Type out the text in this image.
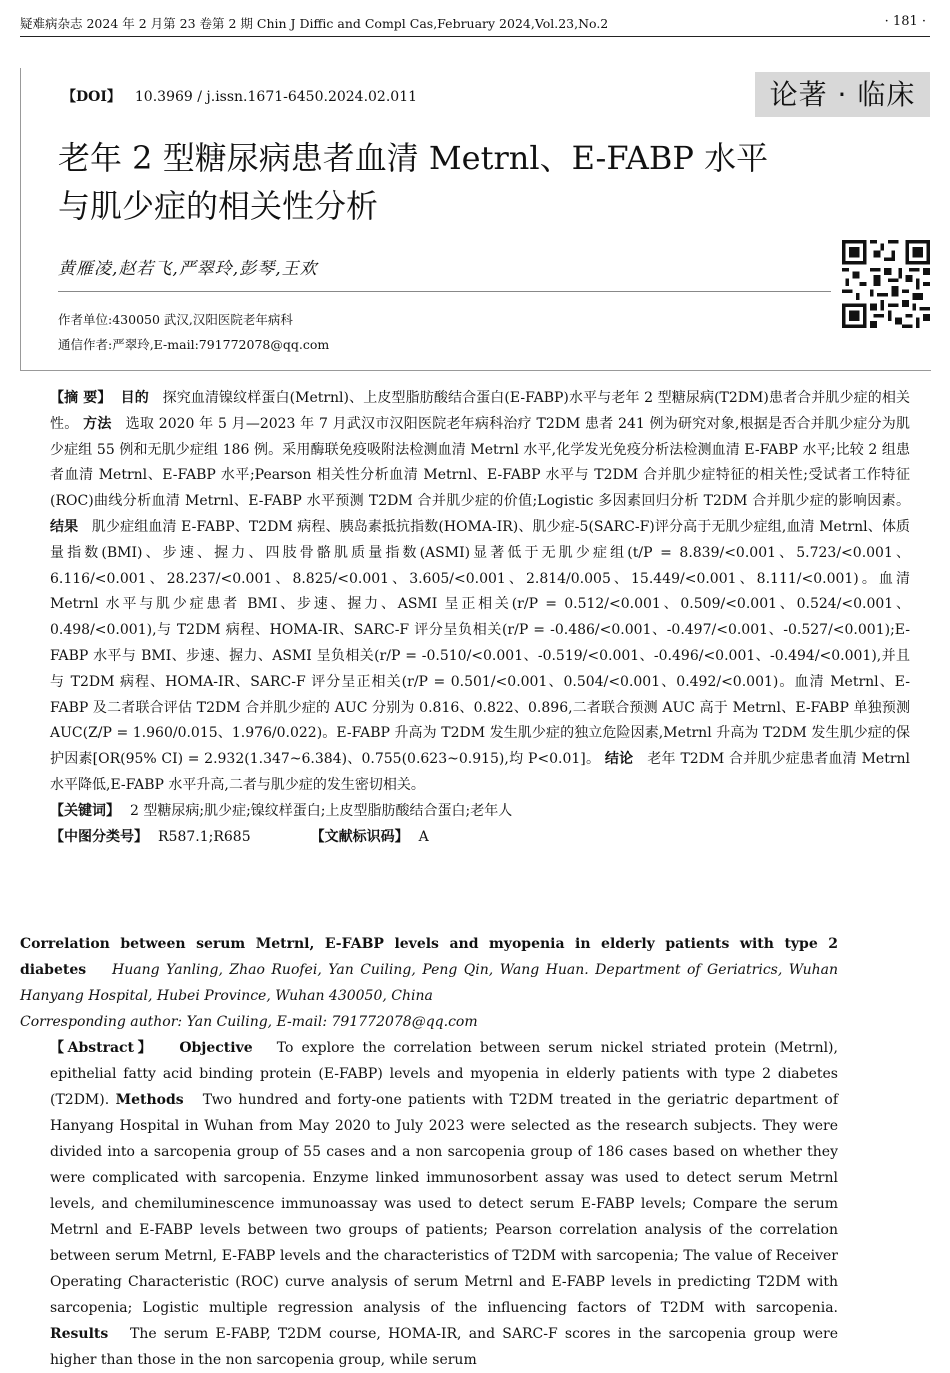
疑难病杂志 2024 年 2 月第 23 卷第 2 期 Chin J Diffic and Compl Cas,February 2024,Vol.23,No.2	· 181 ·
【DOI】 10.3969 / j.issn.1671-6450.2024.02.011	论著 · 临床
老年 2 型糖尿病患者血清 Metrnl、E-FABP 水平
与肌少症的相关性分析
黄雁凌,赵若飞,严翠玲,彭琴,王欢
作者单位:430050 武汉,汉阳医院老年病科
通信作者:严翠玲,E-mail:791772078@qq.com

【摘 要】 目的 探究血清镍纹样蛋白(Metrnl)、上皮型脂肪酸结合蛋白(E-FABP)水平与老年 2 型糖尿病(T2DM)患者合并肌少症的相关性。 方法 选取 2020 年 5 月—2023 年 7 月武汉市汉阳医院老年病科治疗 T2DM 患者 241 例为研究对象,根据是否合并肌少症分为肌少症组 55 例和无肌少症组 186 例。采用酶联免疫吸附法检测血清 Metrnl 水平,化学发光免疫分析法检测血清 E-FABP 水平;比较 2 组患者血清 Metrnl、E-FABP 水平;Pearson 相关性分析血清 Metrnl、E-FABP 水平与 T2DM 合并肌少症特征的相关性;受试者工作特征(ROC)曲线分析血清 Metrnl、E-FABP 水平预测 T2DM 合并肌少症的价值;Logistic 多因素回归分析 T2DM 合并肌少症的影响因素。 结果 肌少症组血清 E-FABP、T2DM 病程、胰岛素抵抗指数(HOMA-IR)、肌少症-5(SARC-F)评分高于无肌少症组,血清 Metrnl、体质量指数(BMI)、步速、握力、四肢骨骼肌质量指数(ASMI)显著低于无肌少症组(t/P = 8.839/<0.001、5.723/<0.001、6.116/<0.001、28.237/<0.001、8.825/<0.001、3.605/<0.001、2.814/0.005、15.449/<0.001、8.111/<0.001)。血清 Metrnl 水平与肌少症患者 BMI、步速、握力、ASMI 呈正相关(r/P = 0.512/<0.001、0.509/<0.001、0.524/<0.001、0.498/<0.001),与 T2DM 病程、HOMA-IR、SARC-F 评分呈负相关(r/P = -0.486/<0.001、-0.497/<0.001、-0.527/<0.001);E-FABP 水平与 BMI、步速、握力、ASMI 呈负相关(r/P = -0.510/<0.001、-0.519/<0.001、-0.496/<0.001、-0.494/<0.001),并且与 T2DM 病程、HOMA-IR、SARC-F 评分呈正相关(r/P = 0.501/<0.001、0.504/<0.001、0.492/<0.001)。血清 Metrnl、E-FABP 及二者联合评估 T2DM 合并肌少症的 AUC 分别为 0.816、0.822、0.896,二者联合预测 AUC 高于 Metrnl、E-FABP 单独预测 AUC(Z/P = 1.960/0.015、1.976/0.022)。E-FABP 升高为 T2DM 发生肌少症的独立危险因素,Metrnl 升高为 T2DM 发生肌少症的保护因素[OR(95% CI) = 2.932(1.347~6.384)、0.755(0.623~0.915),均 P<0.01]。 结论 老年 T2DM 合并肌少症患者血清 Metrnl 水平降低,E-FABP 水平升高,二者与肌少症的发生密切相关。

【关键词】 2 型糖尿病;肌少症;镍纹样蛋白;上皮型脂肪酸结合蛋白;老年人

【中图分类号】 R587.1;R685	【文献标识码】 A

Correlation between serum Metrnl, E-FABP levels and myopenia in elderly patients with type 2 diabetes Huang Yanling, Zhao Ruofei, Yan Cuiling, Peng Qin, Wang Huan. Department of Geriatrics, Wuhan Hanyang Hospital, Hubei Province, Wuhan 430050, China

Corresponding author: Yan Cuiling, E-mail: 791772078@qq.com

【Abstract】 Objective To explore the correlation between serum nickel striated protein (Metrnl), epithelial fatty acid binding protein (E-FABP) levels and myopenia in elderly patients with type 2 diabetes (T2DM). Methods Two hundred and forty-one patients with T2DM treated in the geriatric department of Hanyang Hospital in Wuhan from May 2020 to July 2023 were selected as the research subjects. They were divided into a sarcopenia group of 55 cases and a non sarcopenia group of 186 cases based on whether they were complicated with sarcopenia. Enzyme linked immunosorbent assay was used to detect serum Metrnl levels, and chemiluminescence immunoassay was used to detect serum E-FABP levels; Compare the serum Metrnl and E-FABP levels between two groups of patients; Pearson correlation analysis of the correlation between serum Metrnl, E-FABP levels and the characteristics of T2DM with sarcopenia; The value of Receiver Operating Characteristic (ROC) curve analysis of serum Metrnl and E-FABP levels in predicting T2DM with sarcopenia; Logistic multiple regression analysis of the influencing factors of T2DM with sarcopenia. Results The serum E-FABP, T2DM course, HOMA-IR, and SARC-F scores in the sarcopenia group were higher than those in the non sarcopenia group, while serum
